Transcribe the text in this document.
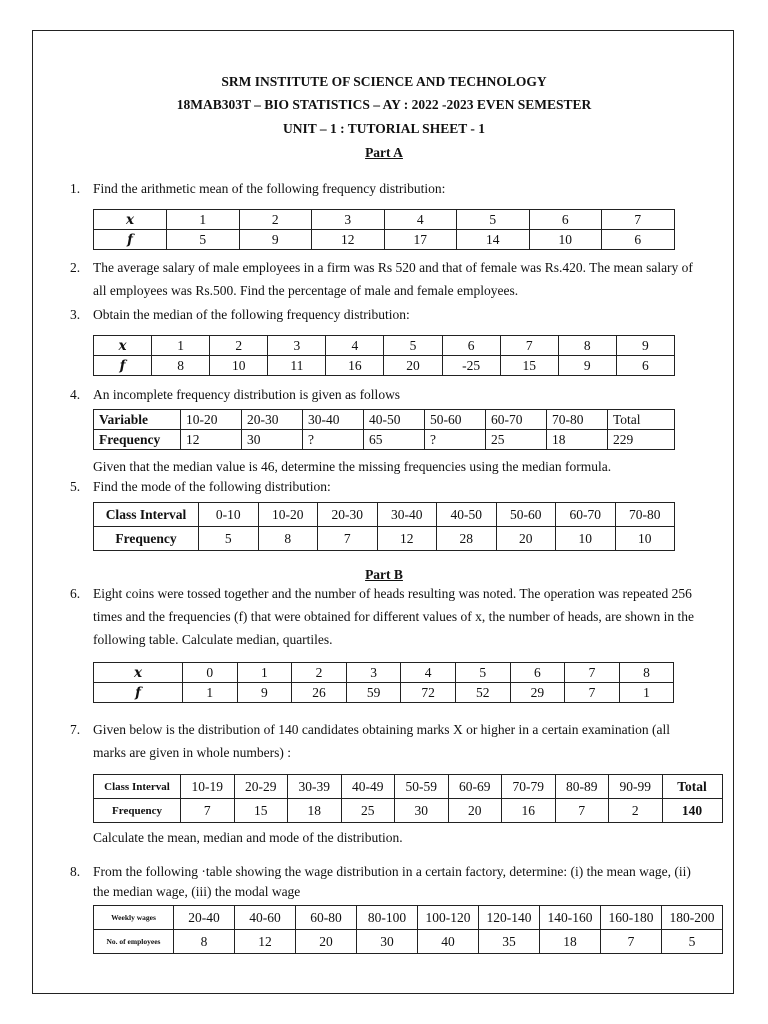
SRM INSTITUTE OF SCIENCE AND TECHNOLOGY
18MAB303T – BIO STATISTICS – AY : 2022 -2023 EVEN SEMESTER
UNIT – 1 : TUTORIAL SHEET - 1
Part A
1. Find the arithmetic mean of the following frequency distribution:
𝒙	1	2	3	4	5	6	7
𝒇	5	9	12	17	14	10	6
2. The average salary of male employees in a firm was Rs 520 and that of female was Rs.420. The mean salary of all employees was Rs.500. Find the percentage of male and female employees.
3. Obtain the median of the following frequency distribution:
𝒙	1	2	3	4	5	6	7	8	9
𝒇	8	10	11	16	20	-25	15	9	6
4. An incomplete frequency distribution is given as follows
Variable	10-20	20-30	30-40	40-50	50-60	60-70	70-80	Total
Frequency	12	30	?	65	?	25	18	229
Given that the median value is 46, determine the missing frequencies using the median formula.
5. Find the mode of the following distribution:
Class Interval	0-10	10-20	20-30	30-40	40-50	50-60	60-70	70-80
Frequency	5	8	7	12	28	20	10	10
Part B
6. Eight coins were tossed together and the number of heads resulting was noted. The operation was repeated 256 times and the frequencies (f) that were obtained for different values of x, the number of heads, are shown in the following table. Calculate median, quartiles.
𝒙	0	1	2	3	4	5	6	7	8
𝒇	1	9	26	59	72	52	29	7	1
7. Given below is the distribution of 140 candidates obtaining marks X or higher in a certain examination (all marks are given in whole numbers) :
Class Interval	10-19	20-29	30-39	40-49	50-59	60-69	70-79	80-89	90-99	Total
Frequency	7	15	18	25	30	20	16	7	2	140
Calculate the mean, median and mode of the distribution.
8. From the following ·table showing the wage distribution in a certain factory, determine: (i) the mean wage, (ii) the median wage, (iii) the modal wage
Weekly wages	20-40	40-60	60-80	80-100	100-120	120-140	140-160	160-180	180-200
No. of employees	8	12	20	30	40	35	18	7	5
